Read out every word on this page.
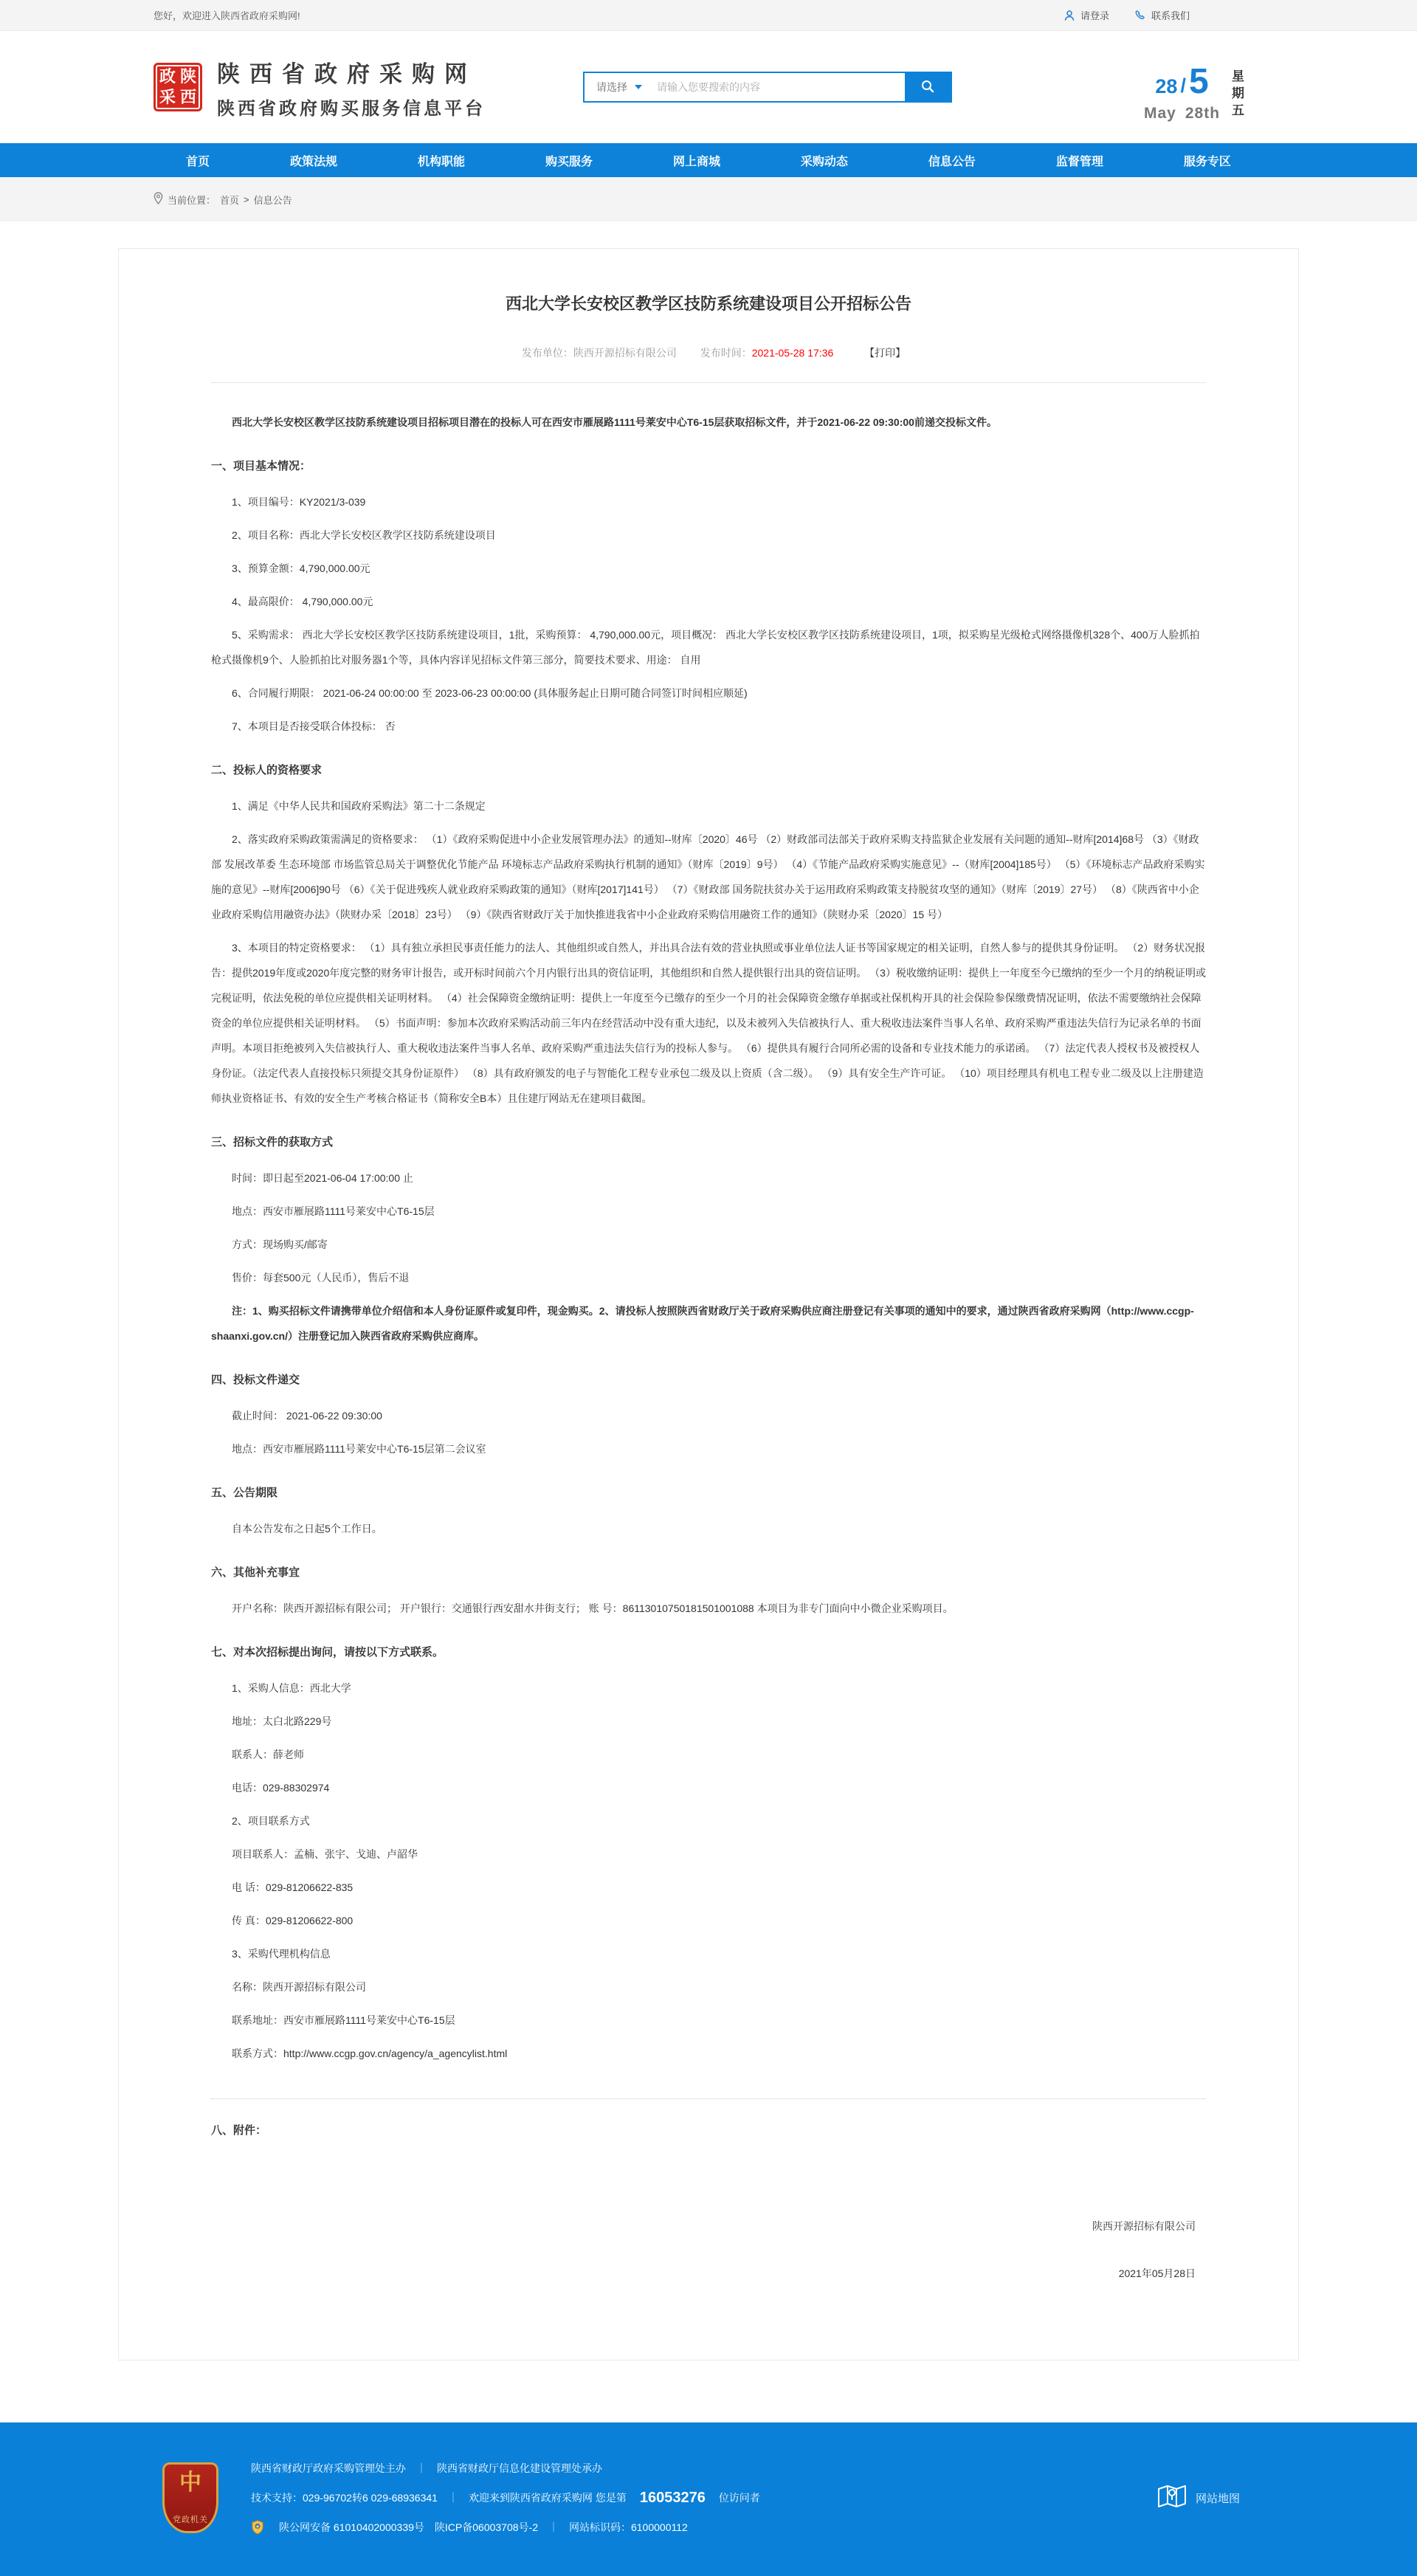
您好，欢迎进入陕西省政府采购网!	请登录	联系我们
政 陕
采 西
陕西省政府采购网
陕西省政府购买服务信息平台
请选择
请输入您要搜索的内容	28 / 5
May 28th
星
期
五
首页	政策法规	机构职能	购买服务	网上商城	采购动态	信息公告	监督管理	服务专区
当前位置： 首页 > 信息公告
西北大学长安校区教学区技防系统建设项目公开招标公告
发布单位：陕西开源招标有限公司 发布时间：2021-05-28 17:36	【打印】

西北大学长安校区教学区技防系统建设项目招标项目潜在的投标人可在西安市雁展路1111号莱安中心T6-15层获取招标文件，并于2021-06-22 09:30:00前递交投标文件。

一、项目基本情况：

1、项目编号：KY2021/3-039

2、项目名称：西北大学长安校区教学区技防系统建设项目

3、预算金额：4,790,000.00元

4、最高限价： 4,790,000.00元

5、采购需求： 西北大学长安校区教学区技防系统建设项目，1批，采购预算： 4,790,000.00元，项目概况： 西北大学长安校区教学区技防系统建设项目，1项，拟采购星光级枪式网络摄像机328个、400万人脸抓拍枪式摄像机9个、人脸抓拍比对服务器1个等，具体内容详见招标文件第三部分，简要技术要求、用途： 自用

6、合同履行期限： 2021-06-24 00:00:00 至 2023-06-23 00:00:00 (具体服务起止日期可随合同签订时间相应顺延)

7、本项目是否接受联合体投标： 否

二、投标人的资格要求

1、满足《中华人民共和国政府采购法》第二十二条规定

2、落实政府采购政策需满足的资格要求： （1）《政府采购促进中小企业发展管理办法》的通知--财库〔2020〕46号 （2）财政部司法部关于政府采购支持监狱企业发展有关问题的通知--财库[2014]68号 （3）《财政部 发展改革委 生态环境部 市场监管总局关于调整优化节能产品 环境标志产品政府采购执行机制的通知》（财库〔2019〕9号） （4）《节能产品政府采购实施意见》--（财库[2004]185号） （5）《环境标志产品政府采购实施的意见》--财库[2006]90号 （6）《关于促进残疾人就业政府采购政策的通知》（财库[2017]141号） （7）《财政部 国务院扶贫办关于运用政府采购政策支持脱贫攻坚的通知》（财库〔2019〕27号） （8）《陕西省中小企业政府采购信用融资办法》（陕财办采〔2018〕23号） （9）《陕西省财政厅关于加快推进我省中小企业政府采购信用融资工作的通知》（陕财办采〔2020〕15 号）

3、本项目的特定资格要求： （1）具有独立承担民事责任能力的法人、其他组织或自然人，并出具合法有效的营业执照或事业单位法人证书等国家规定的相关证明，自然人参与的提供其身份证明。 （2）财务状况报告：提供2019年度或2020年度完整的财务审计报告，或开标时间前六个月内银行出具的资信证明，其他组织和自然人提供银行出具的资信证明。 （3）税收缴纳证明：提供上一年度至今已缴纳的至少一个月的纳税证明或完税证明，依法免税的单位应提供相关证明材料。 （4）社会保障资金缴纳证明：提供上一年度至今已缴存的至少一个月的社会保障资金缴存单据或社保机构开具的社会保险参保缴费情况证明，依法不需要缴纳社会保障资金的单位应提供相关证明材料。 （5）书面声明：参加本次政府采购活动前三年内在经营活动中没有重大违纪，以及未被列入失信被执行人、重大税收违法案件当事人名单、政府采购严重违法失信行为记录名单的书面声明。本项目拒绝被列入失信被执行人、重大税收违法案件当事人名单、政府采购严重违法失信行为的投标人参与。 （6）提供具有履行合同所必需的设备和专业技术能力的承诺函。 （7）法定代表人授权书及被授权人身份证。（法定代表人直接投标只须提交其身份证原件） （8）具有政府颁发的电子与智能化工程专业承包二级及以上资质（含二级）。 （9）具有安全生产许可证。 （10）项目经理具有机电工程专业二级及以上注册建造师执业资格证书、有效的安全生产考核合格证书（简称安全B本）且住建厅网站无在建项目截图。

三、招标文件的获取方式

时间：即日起至2021-06-04 17:00:00 止

地点：西安市雁展路1111号莱安中心T6-15层

方式：现场购买/邮寄

售价：每套500元（人民币），售后不退

注：1、购买招标文件请携带单位介绍信和本人身份证原件或复印件，现金购买。2、请投标人按照陕西省财政厅关于政府采购供应商注册登记有关事项的通知中的要求，通过陕西省政府采购网（http://www.ccgp-shaanxi.gov.cn/）注册登记加入陕西省政府采购供应商库。

四、投标文件递交

截止时间： 2021-06-22 09:30:00

地点：西安市雁展路1111号莱安中心T6-15层第二会议室

五、公告期限

自本公告发布之日起5个工作日。

六、其他补充事宜

开户名称：陕西开源招标有限公司； 开户银行：交通银行西安甜水井街支行； 账 号：86113010750181501001088 本项目为非专门面向中小微企业采购项目。

七、对本次招标提出询问，请按以下方式联系。

1、采购人信息：西北大学

地址：太白北路229号

联系人：薛老师

电话：029-88302974

2、项目联系方式

项目联系人：孟楠、张宇、戈迪、卢韶华

电 话：029-81206622-835

传 真：029-81206622-800

3、采购代理机构信息

名称：陕西开源招标有限公司

联系地址：西安市雁展路1111号莱安中心T6-15层

联系方式：http://www.ccgp.gov.cn/agency/a_agencylist.html

八、附件：
陕西开源招标有限公司
2021年05月28日
中
党政机关
陕西省财政厅政府采购管理处主办 ｜ 陕西省财政厅信息化建设管理处承办
技术支持：029-96702转6 029-68936341 ｜ 欢迎来到陕西省政府采购网 您是第 16053276 位访问者
陕公网安备 61010402000339号 陕ICP备06003708号-2 ｜ 网站标识码：6100000112
网站地图
